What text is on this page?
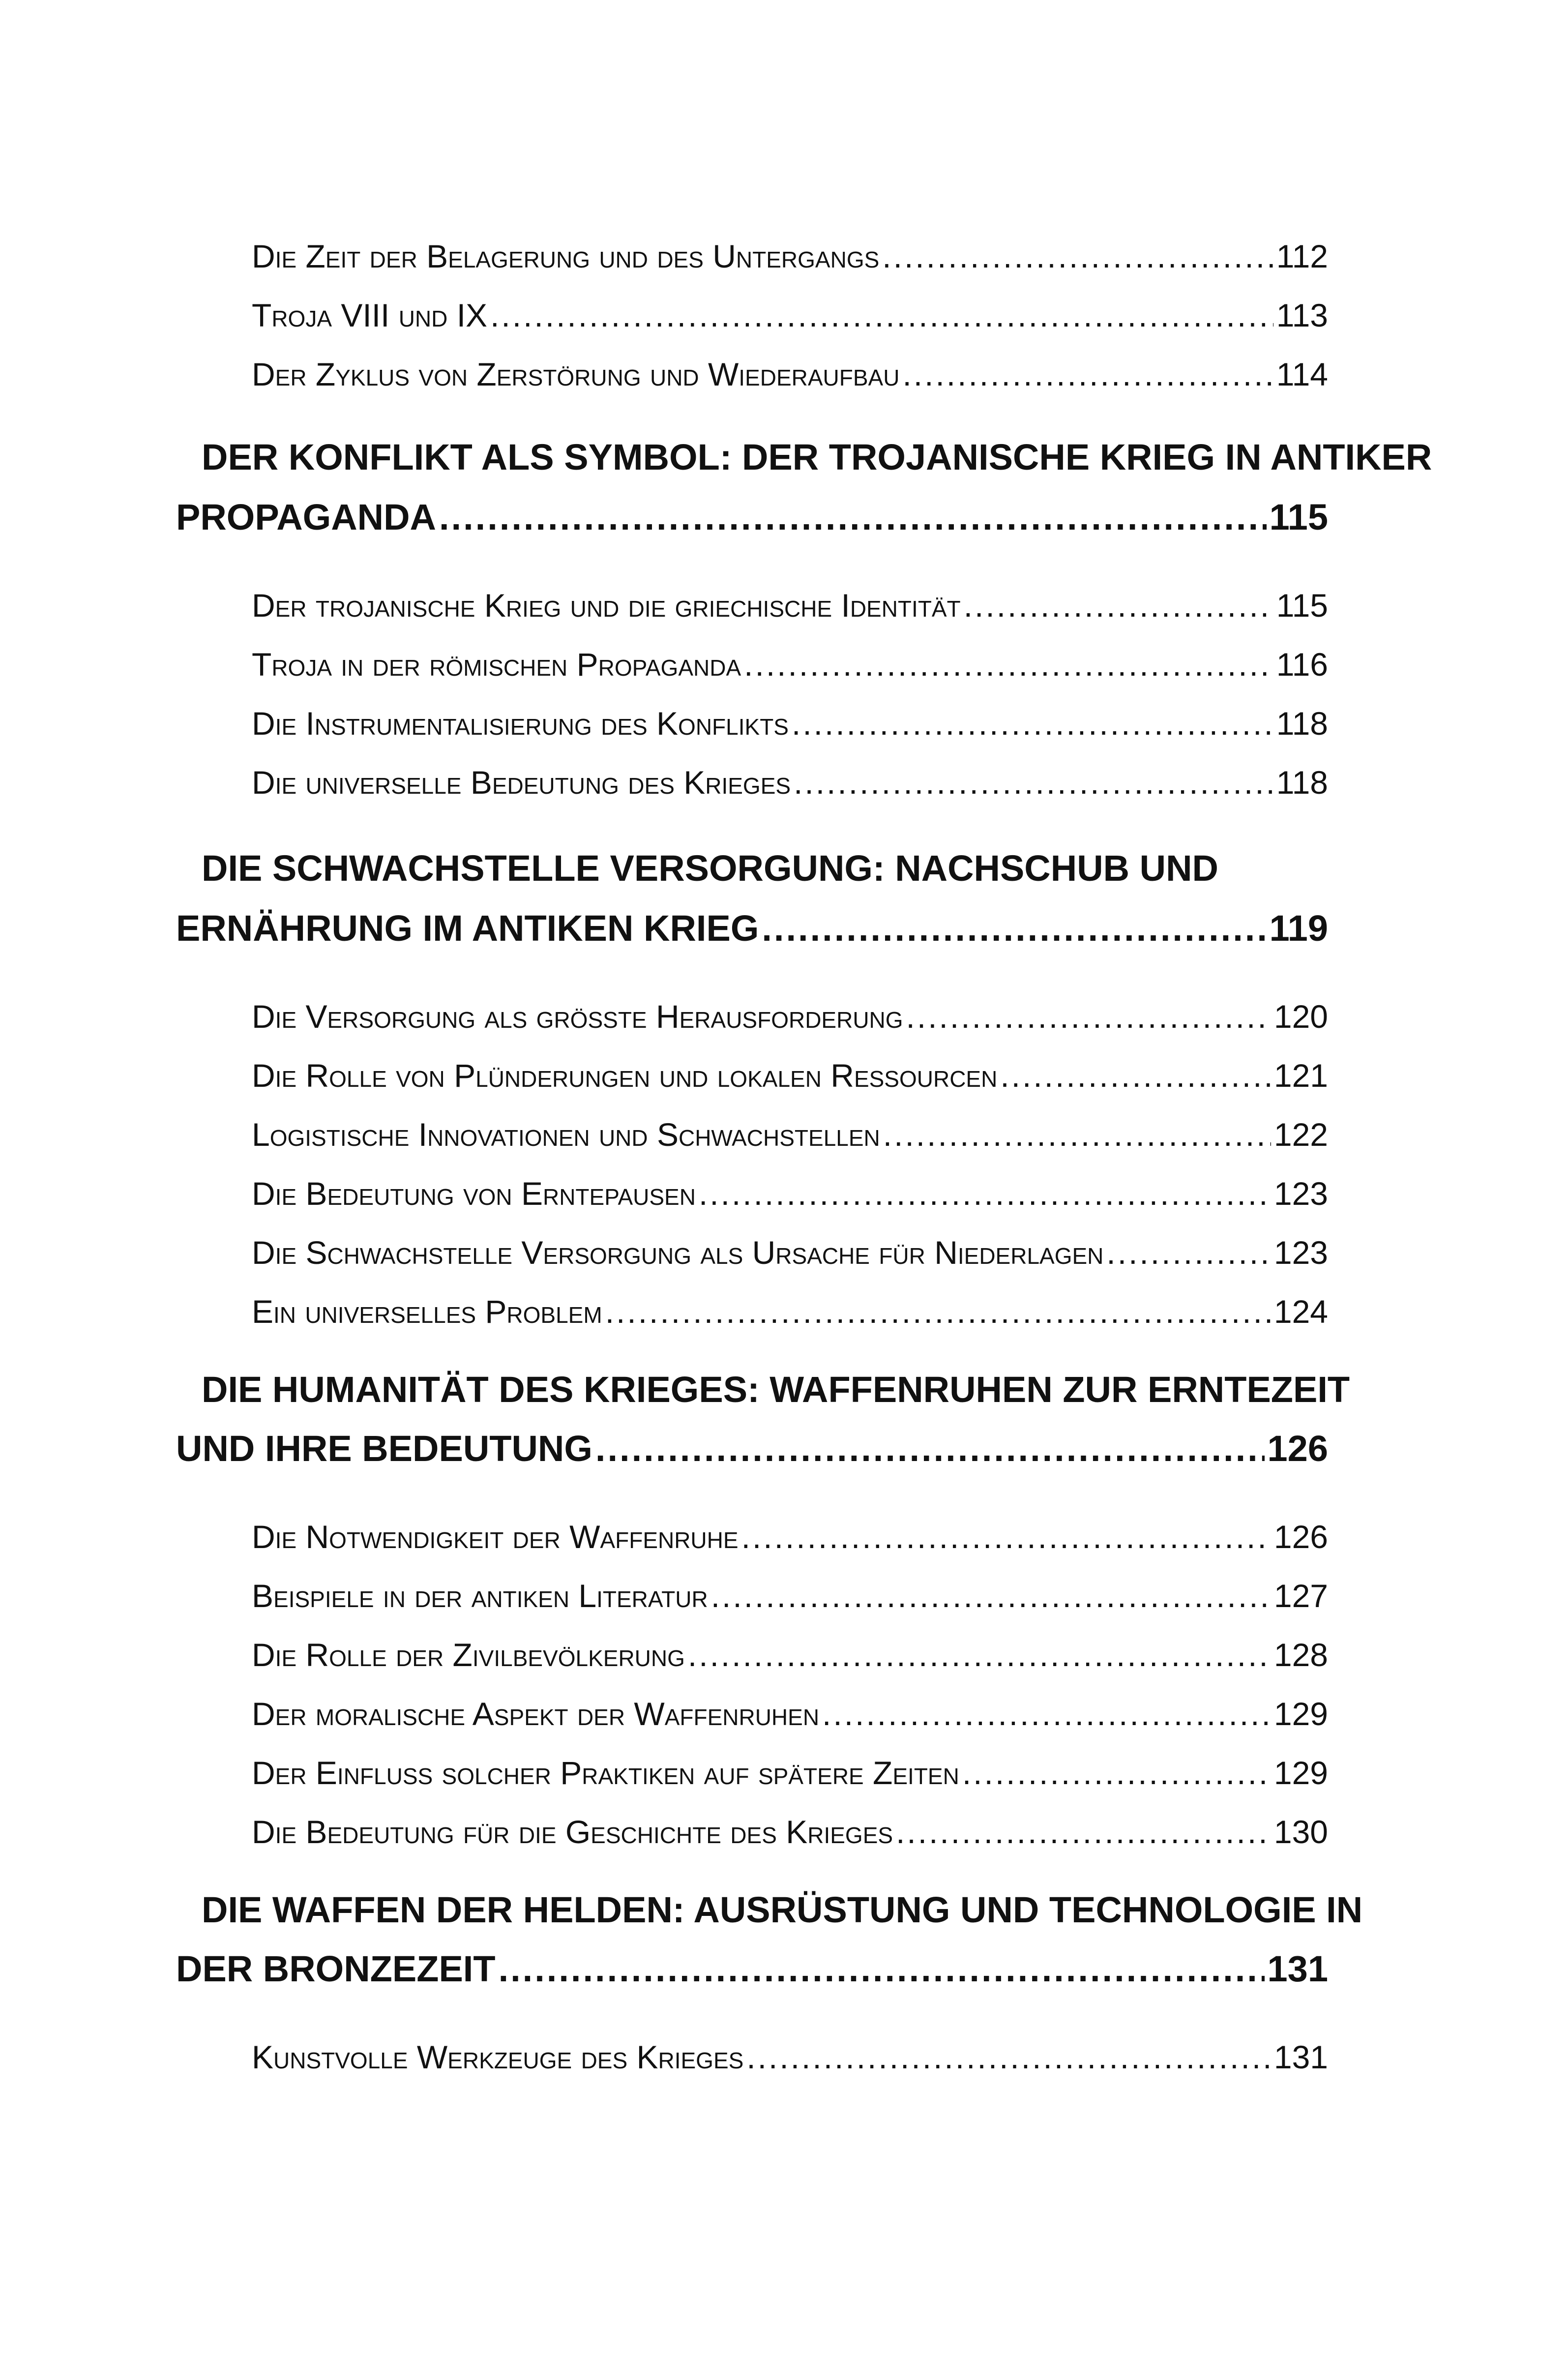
Die Zeit der Belagerung und des Untergangs .....	112
Troja VIII und IX .....	113
Der Zyklus von Zerstörung und Wiederaufbau .....	114
DER KONFLIKT ALS SYMBOL: DER TROJANISCHE KRIEG IN ANTIKER
PROPAGANDA .....	115
Der trojanische Krieg und die griechische Identität .....	115
Troja in der römischen Propaganda .....	116
Die Instrumentalisierung des Konflikts .....	118
Die universelle Bedeutung des Krieges .....	118
DIE SCHWACHSTELLE VERSORGUNG: NACHSCHUB UND
ERNÄHRUNG IM ANTIKEN KRIEG .....	119
Die Versorgung als größte Herausforderung .....	120
Die Rolle von Plünderungen und lokalen Ressourcen .....	121
Logistische Innovationen und Schwachstellen .....	122
Die Bedeutung von Erntepausen .....	123
Die Schwachstelle Versorgung als Ursache für Niederlagen .....	123
Ein universelles Problem .....	124
DIE HUMANITÄT DES KRIEGES: WAFFENRUHEN ZUR ERNTEZEIT
UND IHRE BEDEUTUNG .....	126
Die Notwendigkeit der Waffenruhe .....	126
Beispiele in der antiken Literatur .....	127
Die Rolle der Zivilbevölkerung .....	128
Der moralische Aspekt der Waffenruhen .....	129
Der Einfluss solcher Praktiken auf spätere Zeiten .....	129
Die Bedeutung für die Geschichte des Krieges .....	130
DIE WAFFEN DER HELDEN: AUSRÜSTUNG UND TECHNOLOGIE IN
DER BRONZEZEIT .....	131
Kunstvolle Werkzeuge des Krieges .....	131
